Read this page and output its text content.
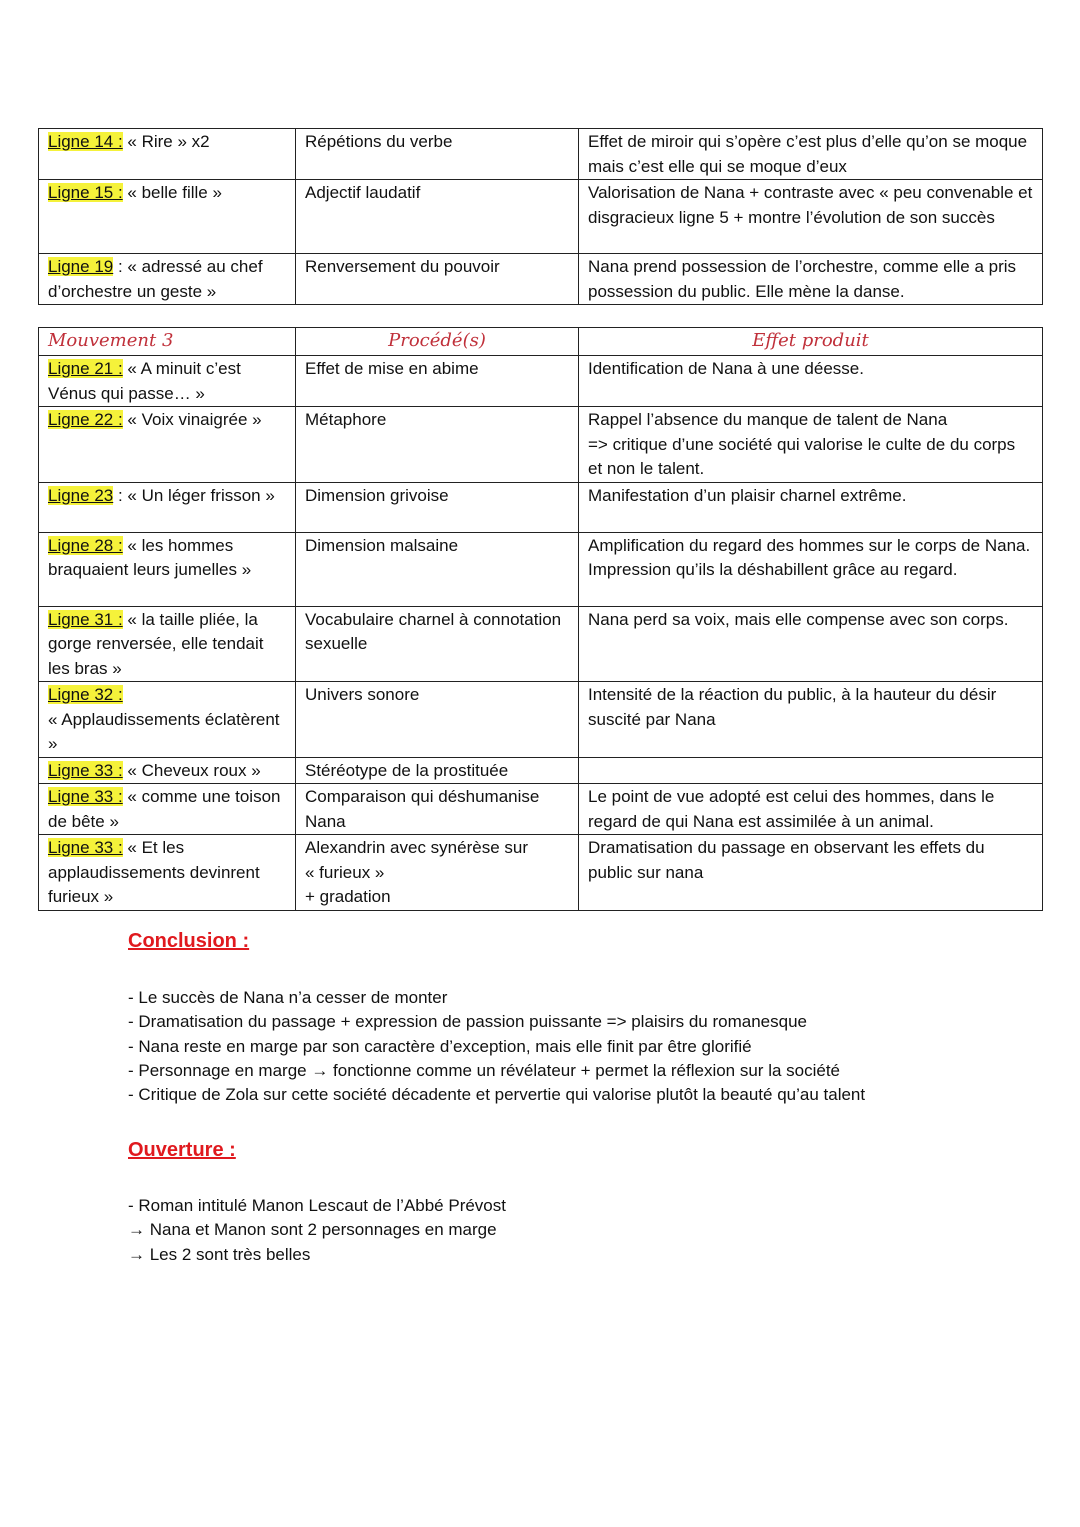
Ligne 14 : « Rire » x2	Répétions du verbe	Effet de miroir qui s’opère c’est plus d’elle qu’on se moque mais c’est elle qui se moque d’eux
Ligne 15 : « belle fille »	Adjectif laudatif	Valorisation de Nana + contraste avec « peu convenable et disgracieux ligne 5 + montre l’évolution de son succès
Ligne 19 : « adressé au chef d’orchestre un geste »	Renversement du pouvoir	Nana prend possession de l’orchestre, comme elle a pris possession du public. Elle mène la danse.
Mouvement 3	Procédé(s)	Effet produit
Ligne 21 : « A minuit c’est Vénus qui passe… »	Effet de mise en abime	Identification de Nana à une déesse.
Ligne 22 : « Voix vinaigrée »	Métaphore	Rappel l’absence du manque de talent de Nana
=> critique d’une société qui valorise le culte de du corps et non le talent.
Ligne 23 : « Un léger frisson »	Dimension grivoise	Manifestation d’un plaisir charnel extrême.
Ligne 28 : « les hommes braquaient leurs jumelles »	Dimension malsaine	Amplification du regard des hommes sur le corps de Nana. Impression qu’ils la déshabillent grâce au regard.
Ligne 31 : « la taille pliée, la gorge renversée, elle tendait les bras »	Vocabulaire charnel à connotation sexuelle	Nana perd sa voix, mais elle compense avec son corps.
Ligne 32 :
« Applaudissements éclatèrent »	Univers sonore	Intensité de la réaction du public, à la hauteur du désir suscité par Nana
Ligne 33 : « Cheveux roux »	Stéréotype de la prostituée	
Ligne 33 : « comme une toison de bête »	Comparaison qui déshumanise Nana	Le point de vue adopté est celui des hommes, dans le regard de qui Nana est assimilée à un animal.
Ligne 33 : « Et les applaudissements devinrent furieux »	Alexandrin avec synérèse sur
« furieux »
+ gradation	Dramatisation du passage en observant les effets du public sur nana
Conclusion :
- Le succès de Nana n’a cesser de monter
- Dramatisation du passage + expression de passion puissante => plaisirs du romanesque
- Nana reste en marge par son caractère d’exception, mais elle finit par être glorifié
- Personnage en marge → fonctionne comme un révélateur + permet la réflexion sur la société
- Critique de Zola sur cette société décadente et pervertie qui valorise plutôt la beauté qu’au talent
Ouverture :
- Roman intitulé Manon Lescaut de l’Abbé Prévost
→ Nana et Manon sont 2 personnages en marge
→ Les 2 sont très belles
